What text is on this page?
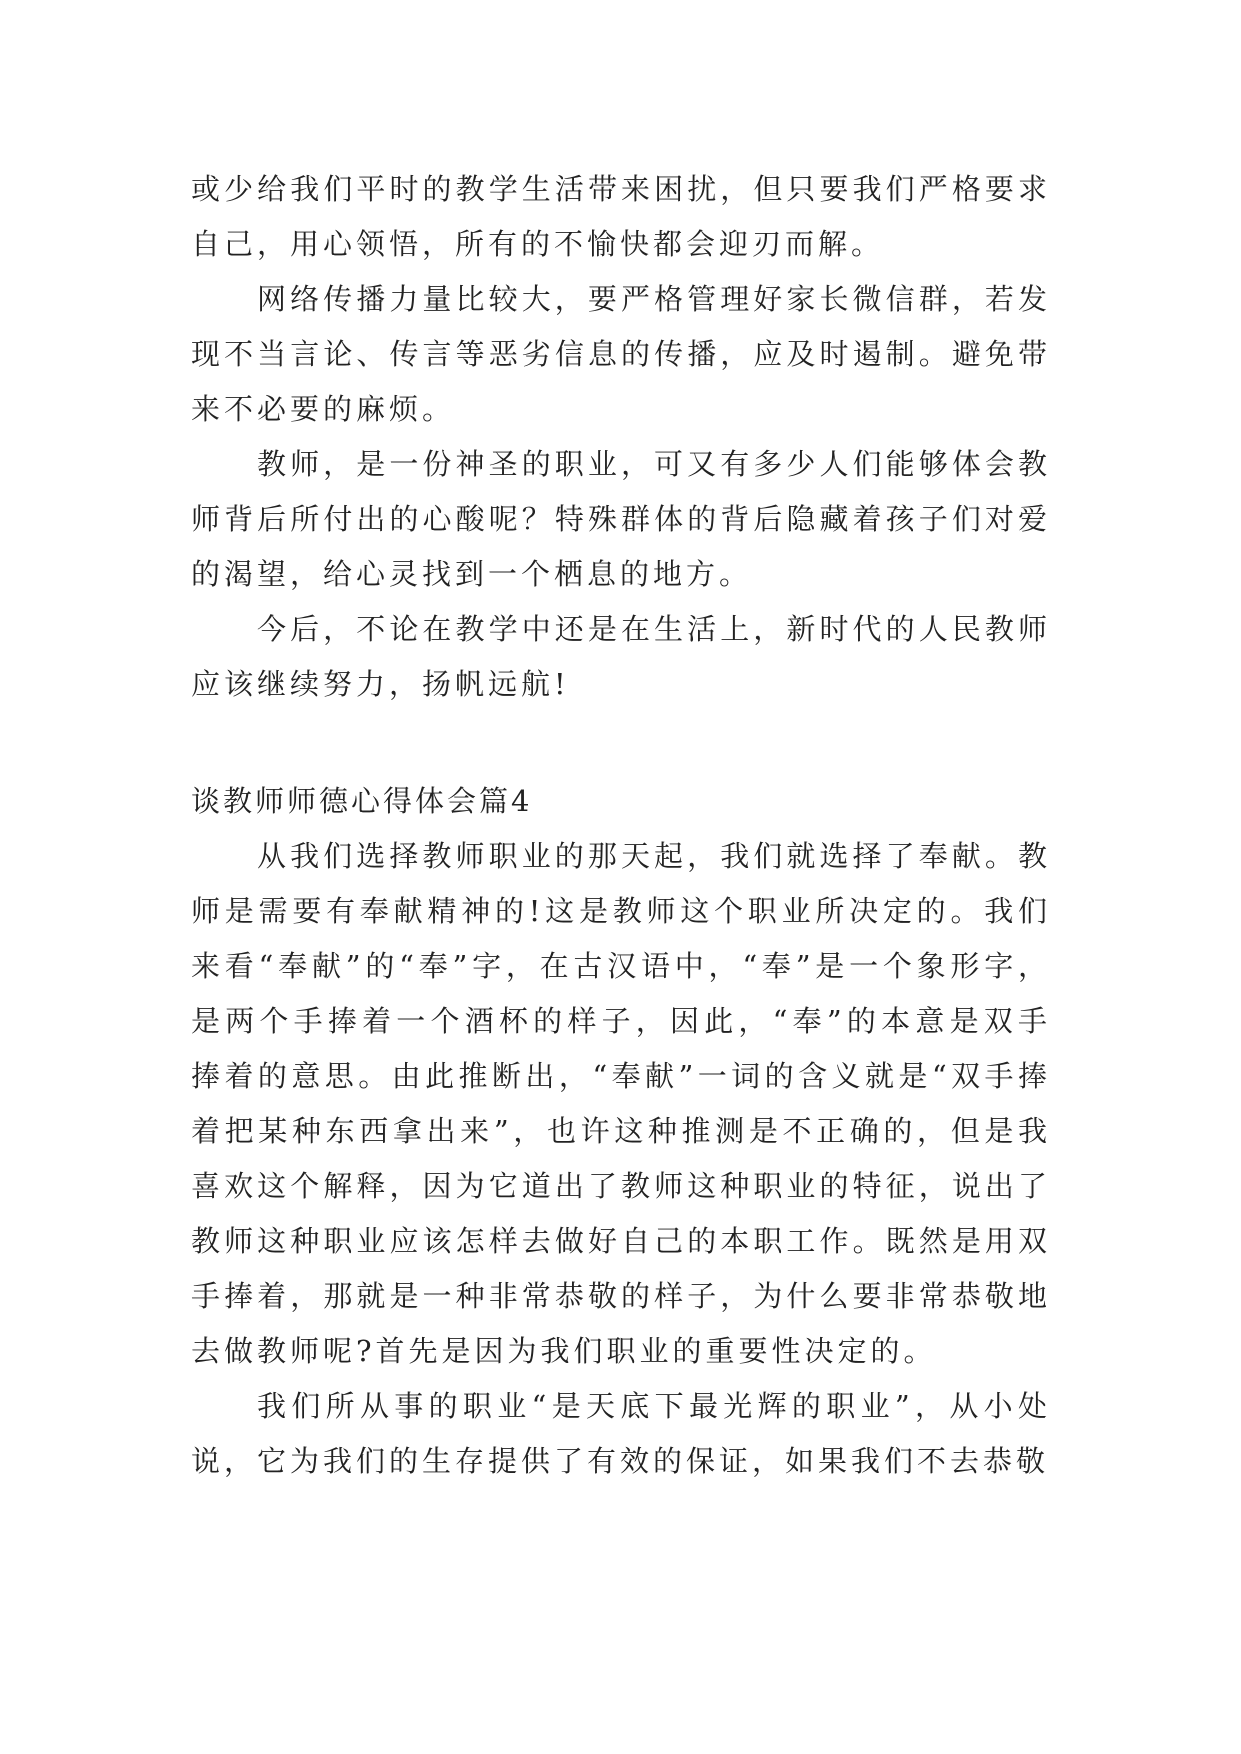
或少给我们平时的教学生活带来困扰，但只要我们严格要求自己，用心领悟，所有的不愉快都会迎刃而解。

网络传播力量比较大，要严格管理好家长微信群，若发现不当言论、传言等恶劣信息的传播，应及时遏制。避免带来不必要的麻烦。

教师，是一份神圣的职业，可又有多少人们能够体会教师背后所付出的心酸呢？特殊群体的背后隐藏着孩子们对爱的渴望，给心灵找到一个栖息的地方。

今后，不论在教学中还是在生活上，新时代的人民教师应该继续努力，扬帆远航!

谈教师师德心得体会篇4

从我们选择教师职业的那天起，我们就选择了奉献。教师是需要有奉献精神的!这是教师这个职业所决定的。我们来看“奉献”的“奉”字，在古汉语中，“奉”是一个象形字，是两个手捧着一个酒杯的样子，因此，“奉”的本意是双手捧着的意思。由此推断出，“奉献”一词的含义就是“双手捧着把某种东西拿出来”，也许这种推测是不正确的，但是我喜欢这个解释，因为它道出了教师这种职业的特征，说出了教师这种职业应该怎样去做好自己的本职工作。既然是用双手捧着，那就是一种非常恭敬的样子，为什么要非常恭敬地去做教师呢?首先是因为我们职业的重要性决定的。

我们所从事的职业“是天底下最光辉的职业”，从小处说，它为我们的生存提供了有效的保证，如果我们不去恭敬
